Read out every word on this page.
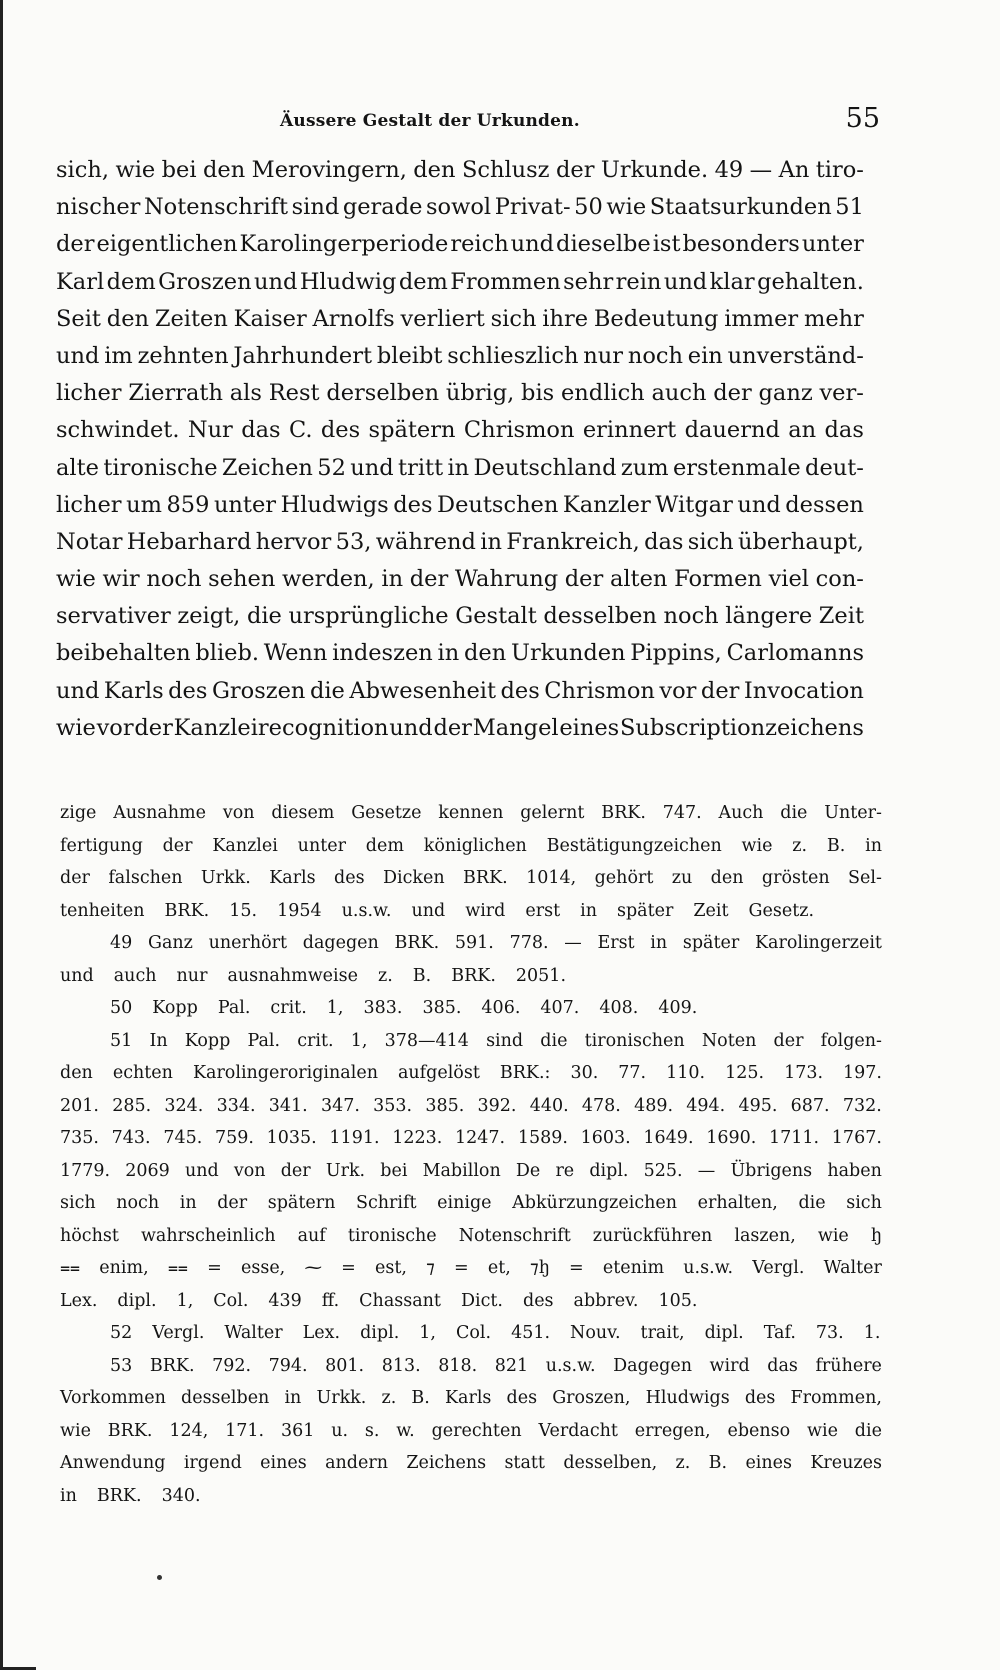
Äussere Gestalt der Urkunden.	55
sich, wie bei den Merovingern, den Schlusz der Urkunde. 49 — An tiro-
nischer Notenschrift sind gerade sowol Privat- 50 wie Staatsurkunden 51
der eigentlichen Karolingerperiode reich und dieselbe ist besonders unter
Karl dem Groszen und Hludwig dem Frommen sehr rein und klar gehalten.
Seit den Zeiten Kaiser Arnolfs verliert sich ihre Bedeutung immer mehr
und im zehnten Jahrhundert bleibt schlieszlich nur noch ein unverständ-
licher Zierrath als Rest derselben übrig, bis endlich auch der ganz ver-
schwindet. Nur das C. des spätern Chrismon erinnert dauernd an das
alte tironische Zeichen 52 und tritt in Deutschland zum erstenmale deut-
licher um 859 unter Hludwigs des Deutschen Kanzler Witgar und dessen
Notar Hebarhard hervor 53, während in Frankreich, das sich überhaupt,
wie wir noch sehen werden, in der Wahrung der alten Formen viel con-
servativer zeigt, die ursprüngliche Gestalt desselben noch längere Zeit
beibehalten blieb. Wenn indeszen in den Urkunden Pippins, Carlomanns
und Karls des Groszen die Abwesenheit des Chrismon vor der Invocation
wie vor der Kanzleirecognition und der Mangel eines Subscriptionzeichens
zige Ausnahme von diesem Gesetze kennen gelernt BRK. 747. Auch die Unter-
fertigung der Kanzlei unter dem königlichen Bestätigungzeichen wie z. B. in
der falschen Urkk. Karls des Dicken BRK. 1014, gehört zu den grösten Sel-
tenheiten BRK. 15. 1954 u.s.w. und wird erst in später Zeit Gesetz.
49 Ganz unerhört dagegen BRK. 591. 778. — Erst in später Karolingerzeit
und auch nur ausnahmweise z. B. BRK. 2051.
50 Kopp Pal. crit. 1, 383. 385. 406. 407. 408. 409.
51 In Kopp Pal. crit. 1, 378—414 sind die tironischen Noten der folgen-
den echten Karolingeroriginalen aufgelöst BRK.: 30. 77. 110. 125. 173. 197.
201. 285. 324. 334. 341. 347. 353. 385. 392. 440. 478. 489. 494. 495. 687. 732.
735. 743. 745. 759. 1035. 1191. 1223. 1247. 1589. 1603. 1649. 1690. 1711. 1767.
1779. 2069 und von der Urk. bei Mabillon De re dipl. 525. — Übrigens haben
sich noch in der spätern Schrift einige Abkürzungzeichen erhalten, die sich
höchst wahrscheinlich auf tironische Notenschrift zurückführen laszen, wie ꜧ
⩵ enim, ⩵ = esse, ⁓ = est, ⁊ = et, ⁊ꜧ = etenim u.s.w. Vergl. Walter
Lex. dipl. 1, Col. 439 ff. Chassant Dict. des abbrev. 105.
52 Vergl. Walter Lex. dipl. 1, Col. 451. Nouv. trait, dipl. Taf. 73. 1.
53 BRK. 792. 794. 801. 813. 818. 821 u.s.w. Dagegen wird das frühere
Vorkommen desselben in Urkk. z. B. Karls des Groszen, Hludwigs des Frommen,
wie BRK. 124, 171. 361 u. s. w. gerechten Verdacht erregen, ebenso wie die
Anwendung irgend eines andern Zeichens statt desselben, z. B. eines Kreuzes
in BRK. 340.
